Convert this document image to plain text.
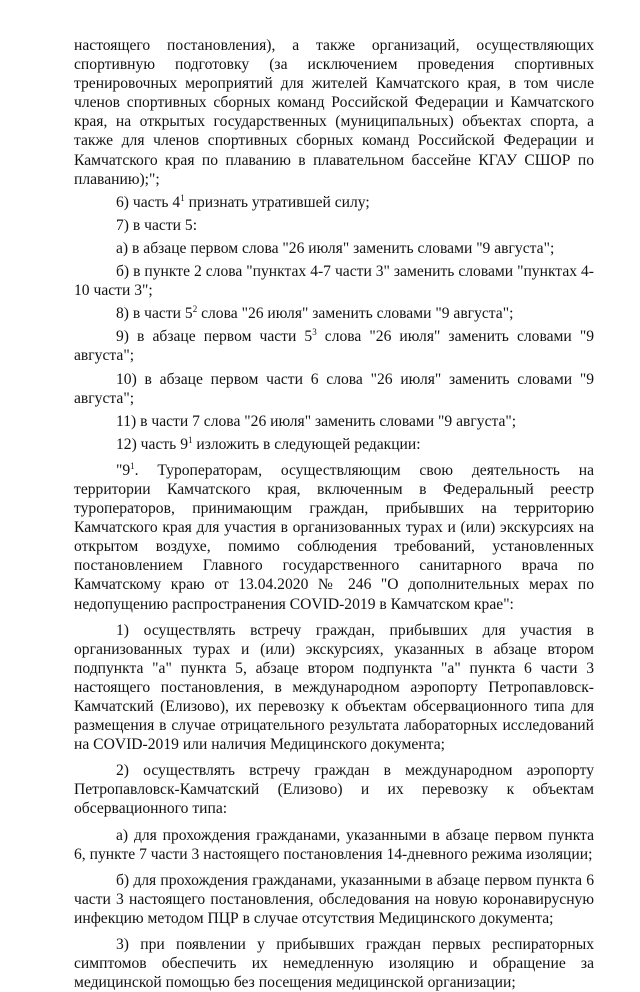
настоящего постановления), а также организаций, осуществляющих спортивную подготовку (за исключением проведения спортивных тренировочных мероприятий для жителей Камчатского края, в том числе членов спортивных сборных команд Российской Федерации и Камчатского края, на открытых государственных (муниципальных) объектах спорта, а также для членов спортивных сборных команд Российской Федерации и Камчатского края по плаванию в плавательном бассейне КГАУ СШОР по плаванию);";

6) часть $4^1$ признать утратившей силу;

7) в части 5:

а) в абзаце первом слова "26 июля" заменить словами "9 августа";

б) в пункте 2 слова "пунктах 4-7 части 3" заменить словами "пунктах 4-10 части 3";

8) в части $5^2$ слова "26 июля" заменить словами "9 августа";

9) в абзаце первом части $5^3$ слова "26 июля" заменить словами "9 августа";

10) в абзаце первом части 6 слова "26 июля" заменить словами "9 августа";

11) в части 7 слова "26 июля" заменить словами "9 августа";

12) часть $9^1$ изложить в следующей редакции:

"$9^1$. Туроператорам, осуществляющим свою деятельность на территории Камчатского края, включенным в Федеральный реестр туроператоров, принимающим граждан, прибывших на территорию Камчатского края для участия в организованных турах и (или) экскурсиях на открытом воздухе, помимо соблюдения требований, установленных постановлением Главного государственного санитарного врача по Камчатскому краю от 13.04.2020 № 246 "О дополнительных мерах по недопущению распространения COVID-2019 в Камчатском крае":

1) осуществлять встречу граждан, прибывших для участия в организованных турах и (или) экскурсиях, указанных в абзаце втором подпункта "а" пункта 5, абзаце втором подпункта "а" пункта 6 части 3 настоящего постановления, в международном аэропорту Петропавловск-Камчатский (Елизово), их перевозку к объектам обсервационного типа для размещения в случае отрицательного результата лабораторных исследований на COVID-2019 или наличия Медицинского документа;

2) осуществлять встречу граждан в международном аэропорту Петропавловск-Камчатский (Елизово) и их перевозку к объектам обсервационного типа:

а) для прохождения гражданами, указанными в абзаце первом пункта 6, пункте 7 части 3 настоящего постановления 14-дневного режима изоляции;

б) для прохождения гражданами, указанными в абзаце первом пункта 6 части 3 настоящего постановления, обследования на новую коронавирусную инфекцию методом ПЦР в случае отсутствия Медицинского документа;

3) при появлении у прибывших граждан первых респираторных симптомов обеспечить их немедленную изоляцию и обращение за медицинской помощью без посещения медицинской организации;
